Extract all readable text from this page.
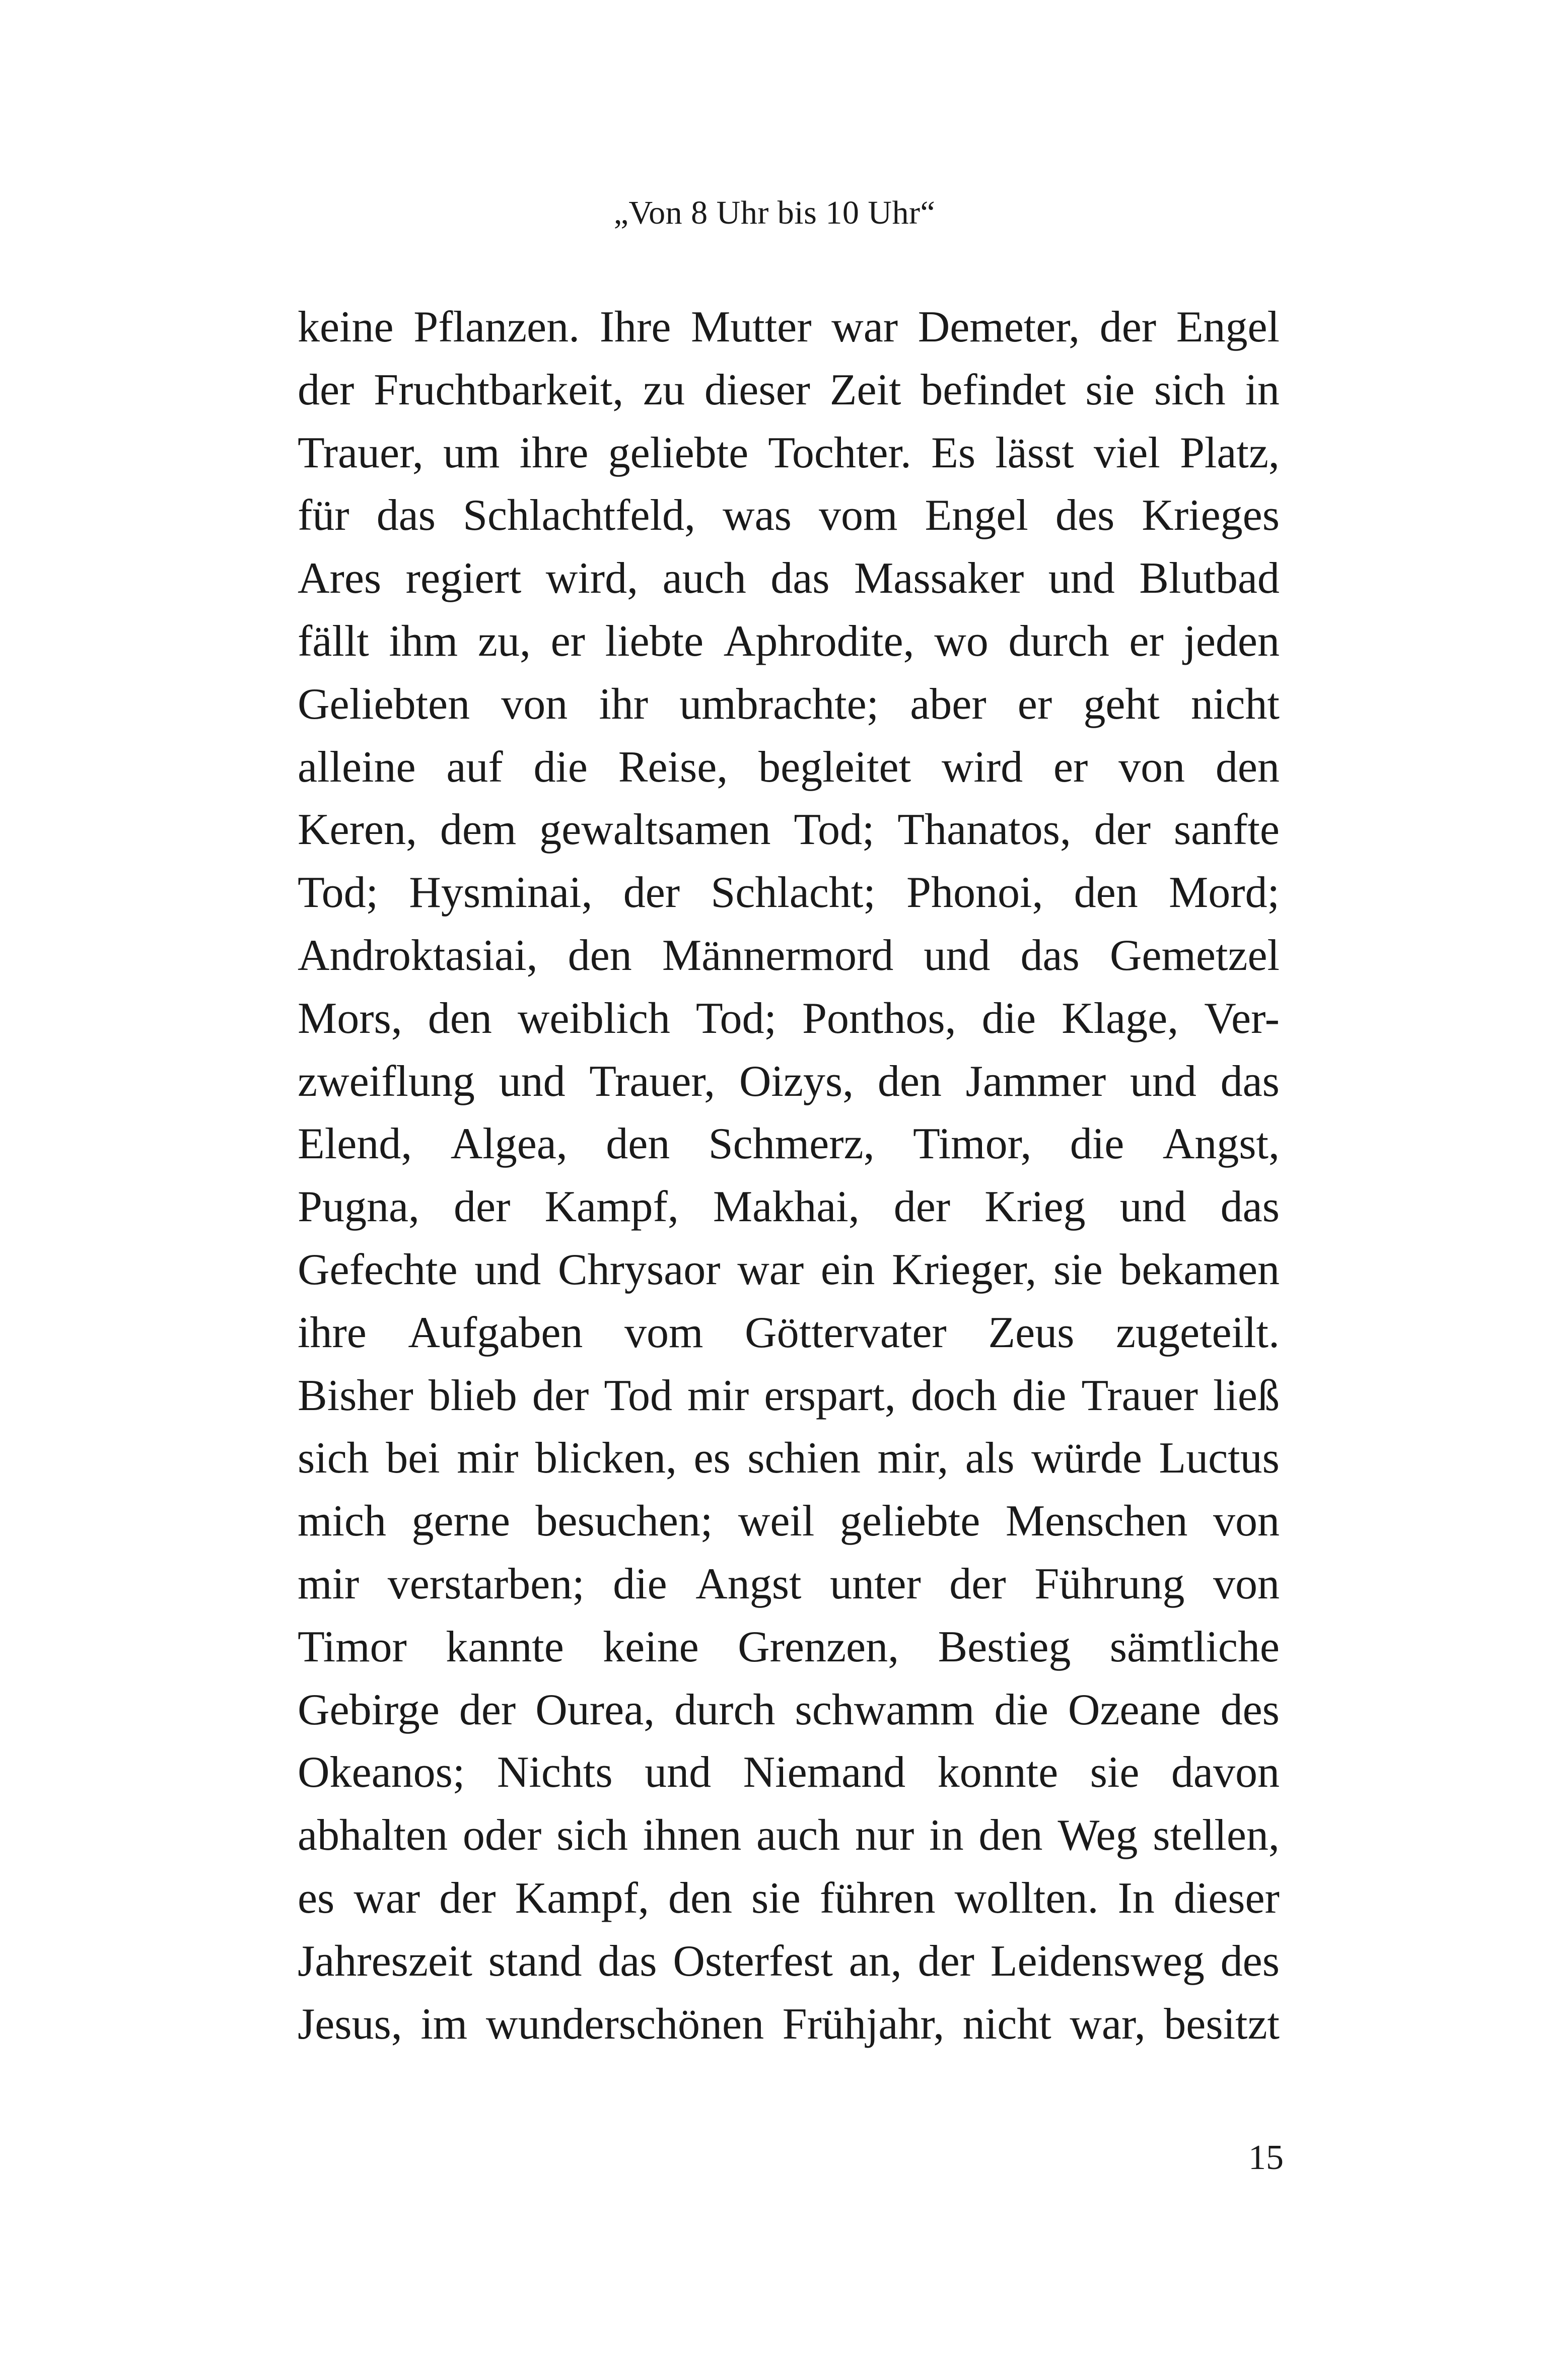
„Von 8 Uhr bis 10 Uhr“
keine Pflanzen. Ihre Mutter war Demeter, der Engel
der Fruchtbarkeit, zu dieser Zeit befindet sie sich in
Trauer, um ihre geliebte Tochter. Es lässt viel Platz,
für das Schlachtfeld, was vom Engel des Krieges
Ares regiert wird, auch das Massaker und Blutbad
fällt ihm zu, er liebte Aphrodite, wo durch er jeden
Geliebten von ihr umbrachte; aber er geht nicht
alleine auf die Reise, begleitet wird er von den
Keren, dem gewaltsamen Tod; Thanatos, der sanfte
Tod; Hysminai, der Schlacht; Phonoi, den Mord;
Androktasiai, den Männermord und das Gemetzel
Mors, den weiblich Tod; Ponthos, die Klage, Ver-
zweiflung und Trauer, Oizys, den Jammer und das
Elend, Algea, den Schmerz, Timor, die Angst,
Pugna, der Kampf, Makhai, der Krieg und das
Gefechte und Chrysaor war ein Krieger, sie bekamen
ihre Aufgaben vom Göttervater Zeus zugeteilt.
Bisher blieb der Tod mir erspart, doch die Trauer ließ
sich bei mir blicken, es schien mir, als würde Luctus
mich gerne besuchen; weil geliebte Menschen von
mir verstarben; die Angst unter der Führung von
Timor kannte keine Grenzen, Bestieg sämtliche
Gebirge der Ourea, durch schwamm die Ozeane des
Okeanos; Nichts und Niemand konnte sie davon
abhalten oder sich ihnen auch nur in den Weg stellen,
es war der Kampf, den sie führen wollten. In dieser
Jahreszeit stand das Osterfest an, der Leidensweg des
Jesus, im wunderschönen Frühjahr, nicht war, besitzt
15
